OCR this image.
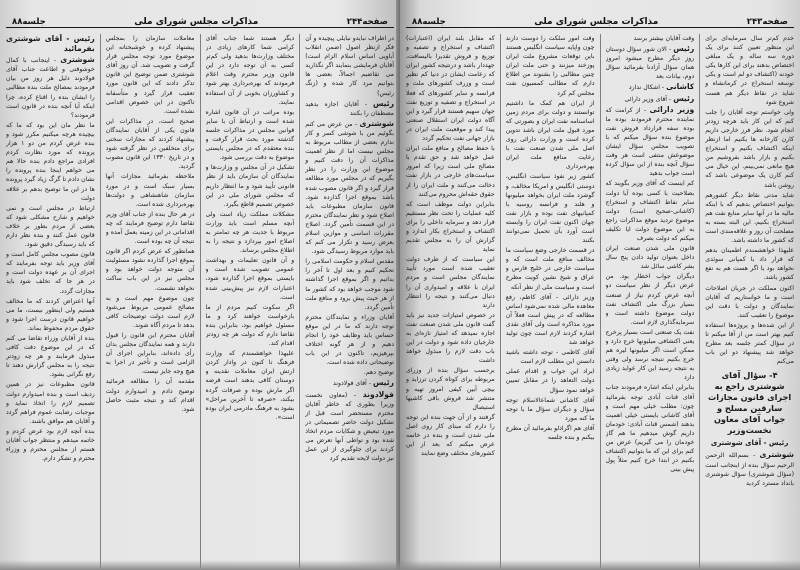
صفحه۲۴۴
مذاکرات مجلس شورای ملی
جلسه۸۸

در اطراف نبایدو نبایلی پیچیده و آن فکر ازنظر اصول (ضمن انقلاب آباویی اساس اسلام الزام است) آقایان فرمایشی بنمایند اگر نگذارید می تقاضیم اجمالاً، بعضی ها بتوانیم مرد کار شده و (زنگ رئیس)

رئیس - آقایان اجازه بدهید مصطفان را بکنند

شوشتری - من عرض می کنم بگوئیم من با شوشی کسر و کار ندارم بعضی از مطالب مربوط به مجلس نیست اما از نظر اهمیت مذاکرات آن را دقت کنیم و موضوع این وزارت را در نظر بگیریم که در مجلس مورد مطالعه قرار گیرد و اگر قانون مصوب شده باشد بموقع اجرا گذارده شود. قانون سازمان مطبوعات باید اصلاح شود و نظر نمایندگان محترم در این قسمت تأمین گردد. اصلاح مقررات اساسی و موازین اسلام بعرض رسید و تکرار می کنم که باید موارد مربوط رسیدگی شود.

مقدس اسلام و حکومت اسلامی را تحکیم کنیم و بعد اول تا آخر را بدانیم و اگر بموقع اجرا گذاشته شود موجب خواهد بود که کشور ما از هر حیث پیش برود و منافع ملت تأمین گردد.

آقایان وزراء و نمایندگان محترم توجه دارند که ما در این موقع حساس باید وظایف خود را انجام دهیم و از هر گونه اختلاف بپرهیزیم، تاکنون در این باب توضیحاتی داده شده است.

توضیح دهم.

رئیس - آقای فولادوند

فولادوند - (معاون نخست وزیر) بطوری که خاطر آقایان محترم مستحضر است قبل از تشکیل دولت حاضر تصمیماتی در مورد تبعیض و شکایات مردم اتخاذ شده بود و تواطی آنها تعرض می کردند برای جلوگیری از این عمل نیز دولت لایحه تقدیم کرد

دیگر هستند شما جناب آقای کرامی شما کارهای زیادی در مختلف وزارت‌ها بدهید ولی کم‌تر کسی به آن توجه دارد در این قانون وزیر محترم وقت اعلام فرمودند که بهره‌برداری بهتر شود و کشاورزان بخوبی از آن استفاده نمایند.

بوده مراتب در آن قانون اشاره شده است و ارتباط آن با سایر قوانین مجلس در مذاکرات جلسه گذشته مورد بحث قرار گرفت و بنده معتقدم که در مجلس بایستی موضوع به دقت بررسی شود.

تشکیل در آن مجلس و وزارت‌ها و نمایندگان آن سازمان باید از نظر قانونی تأیید شود و ما انتظار داریم که مجلس شورای ملی در این خصوص تصمیم قاطع بگیرد.

مشکلات مملکت زیاد است ولی آنچه مسلم است باید وزارت مربوط با جدیت هر چه تمامتر به اصلاح امور بپردازد و نتیجه را به اطلاع مجلس برساند.

و آن قانون تعلیمات و بهداشت عمومی تصویب شده است و بایستی بموقع اجرا گذارده شود، اعتبارات لازم نیز پیش‌بینی شده است.

اگر سکوت کنیم مردم از ما بازخواست خواهند کرد و ما مسئول خواهیم بود، بنابراین بنده تقاضا دارم که دولت هر چه زودتر اقدام کند.

علیهذا خواهشمندم که وزارت فرهنگ تا کنون در وادار کردن ارتش ایران معاملات نقدینه و دوستان کافی بدهند است قرضه اگر مارش بوده و صرفات گرده بیکند، «صرفه تا آخرین مراحل» بشود به فرهنگ مادرمی ایران بوده است».

معاملات سازمان را بمجلس پیشنهاد کرده و خوشبختانه این موضوع مورد توجه مجلس قرار گرفت و تصویب شد. آن روز آقای شوشتری ضمن توضیح این قانون تذکر دادند که این قانون مورد تعقیب قرار گیرد و متأسفانه تاکنون در این خصوص اقدامی نشده است.

صحیح است، در مذاکرات این قانون یکی از آقایان نمایندگان پیشنهاد کردند که مجازات سختی برای متخلفین در نظر گرفته شود و در تاریخ ۱۳۳۰ این قانون مصوب گردید.

ملاحظه بفرمائید مجازات آنها بسیار سبک است و در مورد سازمان شاهنشاهی و دولت‌ها بهره‌برداری شده است.

در هر حال بنده از جناب آقای وزیر تقاضا دارم توضیح فرمایند که چه اقداماتی در این زمینه بعمل آمده و نتیجه آن چه بوده است.

همانطور که عرض کردم اگر قانون بموقع اجرا گذارده نشود مسئولیت آن متوجه دولت خواهد بود و مجلس نیز در این باب ساکت نخواهد نشست.

چون موضوع مهم است و به مصالح عمومی مربوط می‌شود لازم است دولت توضیحات کافی بدهد تا مردم آگاه شوند.

آقایان محترم این قانون را قبول دارند و همه نمایندگان مجلس بدان رأی داده‌اند، بنابراین اجرای آن الزامی است و تأخیر در اجرا به هیچ وجه جایز نیست.

مقدمه آن را مطالعه فرمائید توضیح دادم و امیدوارم دولت اقدام کند و نتیجه مثبت حاصل شود.

رئیس - آقای شوشتری بفرمائید

شوشتری - اینجانب با کمال خوشوقتی و اطاعت جناب آقای فولادوند دلیل هر روز من بیان فرمودند بمصالح ملت بنده مطالبی را ایشان بنده را اقناع کرده، چرا اینکه آیا آنچه بنده در قانون است فرمودند؟

ما نظر مان این بود که ما که بیچیده هرچه میکنیم مکرر شود و بنده عرض کردم من دو ۱ هزار پرونده که مورد نظارت کردم افرادی مراجع دادم بنده حالا هم می خواهم اینجا بنده پرونده را نشان دادم تا گرگ زیاد گیرد پرونده ها در این ما توضیح بدهم بر علاقه دولت

ارتباط در مجلس است و نمی خواهیم و شارح مشکلی شود که بعضی از مردم بطور بر خلاف قانون عمل کنند و بنده نظر دارم که باید رسیدگی دقیق شود.

قانون مصوب مجلس کامل است و آقای وزیر باید توجه بفرمایند که اجرای آن بر عهده دولت است و در هر جا که تخلف شود باید مجازات گردد.

آنها اعتراض کردند که ما مخالف هستیم ولی اینطور نیست، ما می خواهیم قانون درست اجرا شود و حقوق مردم محفوظ بماند.

بنده از آقایان وزراء تقاضا می کنم که در این موضوع دقت کافی مبذول فرمایند و هر چه زودتر نتیجه را به مجلس گزارش دهند تا رفع نگرانی بشود.

قانون مطبوعات نیز در همین ردیف است و بنده امیدوارم دولت تصمیم لازم را اتخاذ نماید و موجبات رضایت عموم فراهم گردد و آقایان هم موافق باشند.

بنده آنچه لازم بود عرض کردم و خاتمه میدهم و منتظر جواب آقایان هستم از مجلس محترم و وزراء محترم و تشکر دارم.

صفحه۲۴۳
مذاکرات مجلس شورای ملی
جلسه۸۸

خدم کم‌تر سال سرمایه‌ای برای این منظور تعیین کنند برای یک دوره سه ساله و یک مبلغی اختصاص بدهند برای این کارها یکی خودنه (اکتشاف دو لم است و یکی توسعه استخراج در کرمانشاه و شاید در نقاط دیگر هم هست شروع شود

ولی خواستم توجه آقایان را جلب کنم که این کار باید هرچه زودتر انجام شود. نظر فرز خارجی داریم کارن کارخانه ها بکنیم اما ازنظر اینکه اکتشاف بکنیم و استخراج بکنیم و بازار باشد بفروشیم من هیچ مانعی نمی‌بینم. این خیال می کنم کارن یک موضوعی باشد که روشن باشد

شاید مدتی نقاط دیگر کشورهم بتوانیم اختصاص بدهیم که با اینکه مالیه ما در آنها سایر منابع نفت هم استخراج بکنیم، این البته بسته به مصلحت آن روز و علاقه‌مندی است که کشور ما داشته باشد.

علیهذا خواهشمندم اطمینان بدهم که قرار داد با کمپانی سوئدی نخواهد بود یا اگر هست هم به نفع کشور باشد.

اکنون مملکت در جریان اصلاحات است و ما خواستاریم که آقایان نمایندگان و دولت با دقت این موضوع را تعقیب کنند.

از این شده‌ها و پروژه‌ها استفاده کنیم بهتر است من از آقا میکنم تا در سؤال کمتر جلسه بعد مطرح خواهد شد پیشنهاد دو این باب می‌کنم

۴- سؤال آقای شوشتری راجع به اجرای قانون مجازات سارقین مسلح و جواب آقای معاون نخست‌وزیر
رئیس - آقای شوشتری

شوشتری - بسم‌الله الرحمن الرحیم سؤال بنده از اینجانب است (سؤال شوشتری) سؤال شوشتری بانداد مسترد کردید

وقت آقایان بیشتر برسد

رئیس - الان شور سؤال دوستان روز دیگر مطرح میشود امروز همان سؤال آزادنا بفرمائید سؤال دوم، بیانات بعد

کاشانی - اشکال ندارد

رئیس - آقای وزیر دارائی

وزیر دارائی - از کرامت که نماینده محترم فرمودند بوده ما بوده سفه قرارداد فروش نفت موضوع بنده سؤال میکنم که با تصویب مجلس سؤال ایشان موضوعش منتفی است هر وقت سؤال آنچه بنده از این سؤال کرده است جواب بدهید

کم اینست که آقای وزیر بگویند که بصلاحیت با کسی بوده آیا دولت سایر نفاط اکتشاف و استخراج (کاشانی-صحیح است) دولت موضوع تردید موقع مذاکرات راجع به این موضوع دولت ایا تکلیف میکنم که دولت بصرف

قانون ملی شدن صنعت ایران داخل بعنوان تولید دادن پنج سال بشر کاشی سائل شد

دیگران جواب اخطار بود. من عرض دیگر از نظر سیاست دو آنچه عرض کردم نیاز از صنعت بسیار بزرگ ملی اکتشاف نفت دولت موضوع داشته است و سرمایه‌گذاری لازم است.

نفت یک صنعتی است بسیار پرخرج یعنی اکتشافی میلیونها خرج دارد و ممکن است اگر میلیونها لیره هم خرج بکنیم نتیجه نرسد ولی وقتی به نتیجه رسید این کار عواید زیادی دارد

بنابراین اینکه اشاره فرمودند جناب آقای قنات آبادی توجه بفرمائید چون: مطلب خیلی مهم است و آقای کاشانی بایستی خیلی اهمیت بدهند (شمس قنات آبادی: خودمان داریم گوش میدهیم ما هم گاز خودمان را می گیریم) عرض من کنم برای این که ما بتوانیم اکتشاف بکنیم در ابتدا خرج کنیم مثلاً پول پیش بینی

وقت امور سلکت را دوست دارند چون واپایه سیاست انگلیس هستند باین توقعات مشروع ملت ایران پوزخند میزنند و حتی ملت ایران چنین مطالبی را بشنوند من اطلاع دارم که مطالب کمسیون نفت مجلس کم کرد

از ایران هم کمک ما داشتیم توانستند و دولت برای مردم زمین اساسنامه نفت ایران و بصورتی که مورد قبول ملت ایران باشد تدوین کرده است و وزارت دارائی روی اصل ملی شدن صنعت نفت با رعایت منافع ملت ایران بهره‌برداری

کشور زیر نفوذ سیاست انگلیس، دوستی انگلیس و امریکا مخالف، و گوشزد ملت ایران بخواهد میلیونها و هلند و فرانسه روسیه با کمپانیهای نفت بوده و بازار نفت جهان اکنون نفت ایران را وابسته است آورد بآن تحمیل نمی‌توانند بکنند

در قسمت خارجی وضع سیاست ما مخالف منافع ملت است که و سیاست خارجی در خلیج فارس و عراق و شیخ نشین کویت مطرح است و سیاست ملی از نظر آنکه

وزیر دارائی - آقای کاظم، رفع معاهده مالی شده نمی‌شود اساس مطالعه که در پیش است فعلاً آن مورد مذاکره است ولی آقای نقدی اشاره کردند لازم است چون تولید خواهد شد

آقای کاظمی - توجه داشته باشید دانستن این مطلب لازم است

ایراد این جواب و اقدام عملی دولت التعاهد را در مقابل تمیین خواهد نمود سؤال

آقای کاشانی شماعالاسلام توجه سؤال و دیگران سؤال ما با توجه ما کنه مورد

آقای هم اگرادلو بفرمائید آن مطرح بیکنم و بنده جلسه

که مقابل بلند ایران (اعتبارات) اکتشاف و استخراج و تصفیه و توزیع و فروش تقدیرا بالیسافت، جهددار باشد و درنتیجه کشور ایران که زعامت ایشان در دنیا کم نظیر است و وزرف کشورهای ملت و فرانسه و سایر کشورهای که فعلا در استخراج و تصفیه و توزیع نفت جهان سهیم هستند قرار گیرد و این آگاه دولت ایران استقلال صنعتی پیدا کند و موقعیت ملت ایران در بازار جهانی نفت تحکیم گردد

با حفظ مصالح و منافع ملت ایران عمل خواهد شد و حق تقدم با مصالح ملی است زیرا که امروز سیاست‌های خارجی در بازار نفت دخالت می‌کنند و ملت ایران را از حقوق حقه‌اش محروم می‌کنند

بنابراین دولت موظف است که کلیه عملیات را تحت نظر مستقیم قرار دهد و سرمایه داخلی را برای اکتشاف و استخراج بکار اندازد و گزارش آن را به مجلس تقدیم نماید

این سیاست که از طرف دولت تعقیب شده است مورد تأیید نمایندگان مجلس است و مردم ایران با علاقه و امیدواری آن را دنبال می‌کنند و نتیجه را انتظار دارند

در خصوص امتیازات جدید نیز باید گفت قانون ملی شدن صنعت نفت اجازه نمیدهد که امتیاز تازه‌ای به خارجیان داده شود و دولت در این باب دقت لازم را مبذول خواهد داشت

برحسب سؤال بنده از وزرای مربوطه برای کوتاه کردن ترزاید و بیچی آیین کیفی امروز تهیه و منتشر شد فروش باقی کاشیها استیصال

گرفتند و از آن جهت بنده این توجه را دارم که مبنای کار روی اصل ملی شدن است و بنده در خاتمه عرض میکنم که بعد از این کشورهای مختلف وضع نمایند
